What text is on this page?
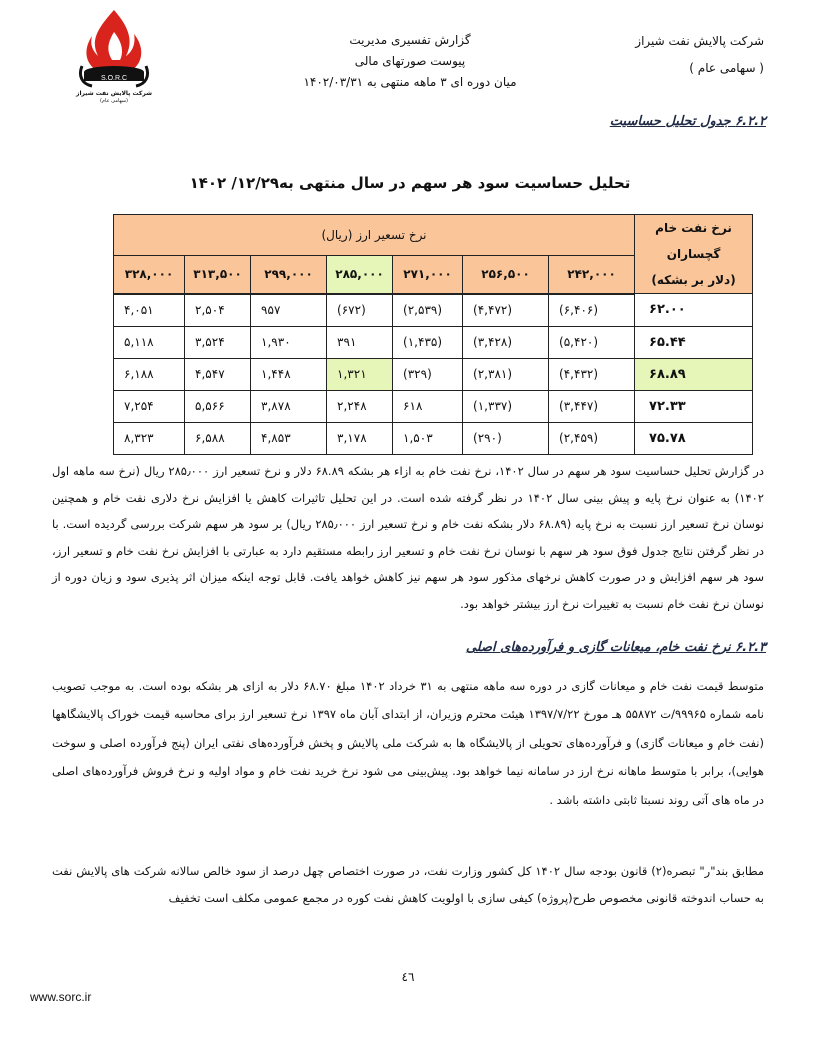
شرکت پالایش نفت شیراز
( سهامی عام )
گزارش تفسیری مدیریت
پیوست صورتهای مالی
میان دوره ای ۳ ماهه منتهی به ۱۴۰۲/۰۳/۳۱
S.O.R.C
شرکت پالایش نفت شیراز
(سهامی عام)
۶.۲.۲ جدول تحلیل حساسیت
تحلیل حساسیت سود هر سهم در سال منتهی به۱۲/۲۹/ ۱۴۰۲
نرخ نفت خام گچساران
(دلار بر بشکه)	نرخ تسعیر ارز (ریال)						
	۲۴۲,۰۰۰	۲۵۶,۵۰۰	۲۷۱,۰۰۰	۲۸۵,۰۰۰	۲۹۹,۰۰۰	۳۱۳,۵۰۰	۳۲۸,۰۰۰
۶۲.۰۰	(۶,۴۰۶)	(۴,۴۷۲)	(۲,۵۳۹)	(۶۷۲)	۹۵۷	۲,۵۰۴	۴,۰۵۱
۶۵.۴۴	(۵,۴۲۰)	(۳,۴۲۸)	(۱,۴۳۵)	۳۹۱	۱,۹۳۰	۳,۵۲۴	۵,۱۱۸
۶۸.۸۹	(۴,۴۳۲)	(۲,۳۸۱)	(۳۲۹)	۱,۳۲۱	۱,۴۴۸	۴,۵۴۷	۶,۱۸۸
۷۲.۳۳	(۳,۴۴۷)	(۱,۳۳۷)	۶۱۸	۲,۲۴۸	۳,۸۷۸	۵,۵۶۶	۷,۲۵۴
۷۵.۷۸	(۲,۴۵۹)	(۲۹۰)	۱,۵۰۳	۳,۱۷۸	۴,۸۵۳	۶,۵۸۸	۸,۳۲۳
در گزارش تحلیل حساسیت سود هر سهم در سال ۱۴۰۲، نرخ نفت خام به ازاء هر بشکه ۶۸.۸۹ دلار و نرخ تسعیر ارز ۲۸۵٫۰۰۰ ریال (نرخ سه ماهه اول ۱۴۰۲) به عنوان نرخ پایه و پیش بینی سال ۱۴۰۲ در نظر گرفته شده است. در این تحلیل تاثیرات کاهش یا افزایش نرخ دلاری نفت خام و همچنین نوسان نرخ تسعیر ارز نسبت به نرخ پایه (۶۸.۸۹ دلار بشکه نفت خام و نرخ تسعیر ارز ۲۸۵٫۰۰۰ ریال) بر سود هر سهم شرکت بررسی گردیده است. با در نظر گرفتن نتایج جدول فوق سود هر سهم با نوسان نرخ نفت خام و تسعیر ارز رابطه مستقیم دارد به عبارتی با افزایش نرخ نفت خام و تسعیر ارز، سود هر سهم افزایش و در صورت کاهش نرخهای مذکور سود هر سهم نیز کاهش خواهد یافت. قابل توجه اینکه میزان اثر پذیری سود و زیان دوره از نوسان نرخ نفت خام نسبت به تغییرات نرخ ارز بیشتر خواهد بود.
۶.۲.۳ نرخ نفت خام، میعانات گازی و فرآورده‌های اصلی
متوسط قیمت نفت خام و میعانات گازی در دوره سه ماهه منتهی به ۳۱ خرداد ۱۴۰۲ مبلغ ۶۸.۷۰ دلار به ازای هر بشکه بوده است. به موجب تصویب نامه شماره ۹۹۹۶۵/ت ۵۵۸۷۲ هـ مورخ ۱۳۹۷/۷/۲۲ هیئت محترم وزیران، از ابتدای آبان ماه ۱۳۹۷ نرخ تسعیر ارز برای محاسبه قیمت خوراک پالایشگاهها (نفت خام و میعانات گازی) و فرآورده‌های تحویلی از پالایشگاه ها به شرکت ملی پالایش و پخش فرآورده‌های نفتی ایران (پنج فرآورده اصلی و سوخت هوایی)، برابر با متوسط ماهانه نرخ ارز در سامانه نیما خواهد بود. پیش‌بینی می شود نرخ خرید نفت خام و مواد اولیه و نرخ فروش فرآورده‌های اصلی در ماه های آتی روند نسبتا ثابتی داشته باشد .
مطابق بند"ر" تبصره(۲) قانون بودجه سال ۱۴۰۲ کل کشور وزارت نفت، در صورت اختصاص چهل درصد از سود خالص سالانه شرکت های پالایش نفت به حساب اندوخته قانونی مخصوص طرح(پروژه) کیفی سازی با اولویت کاهش نفت کوره در مجمع عمومی مکلف است تخفیف
٤٦
www.sorc.ir
